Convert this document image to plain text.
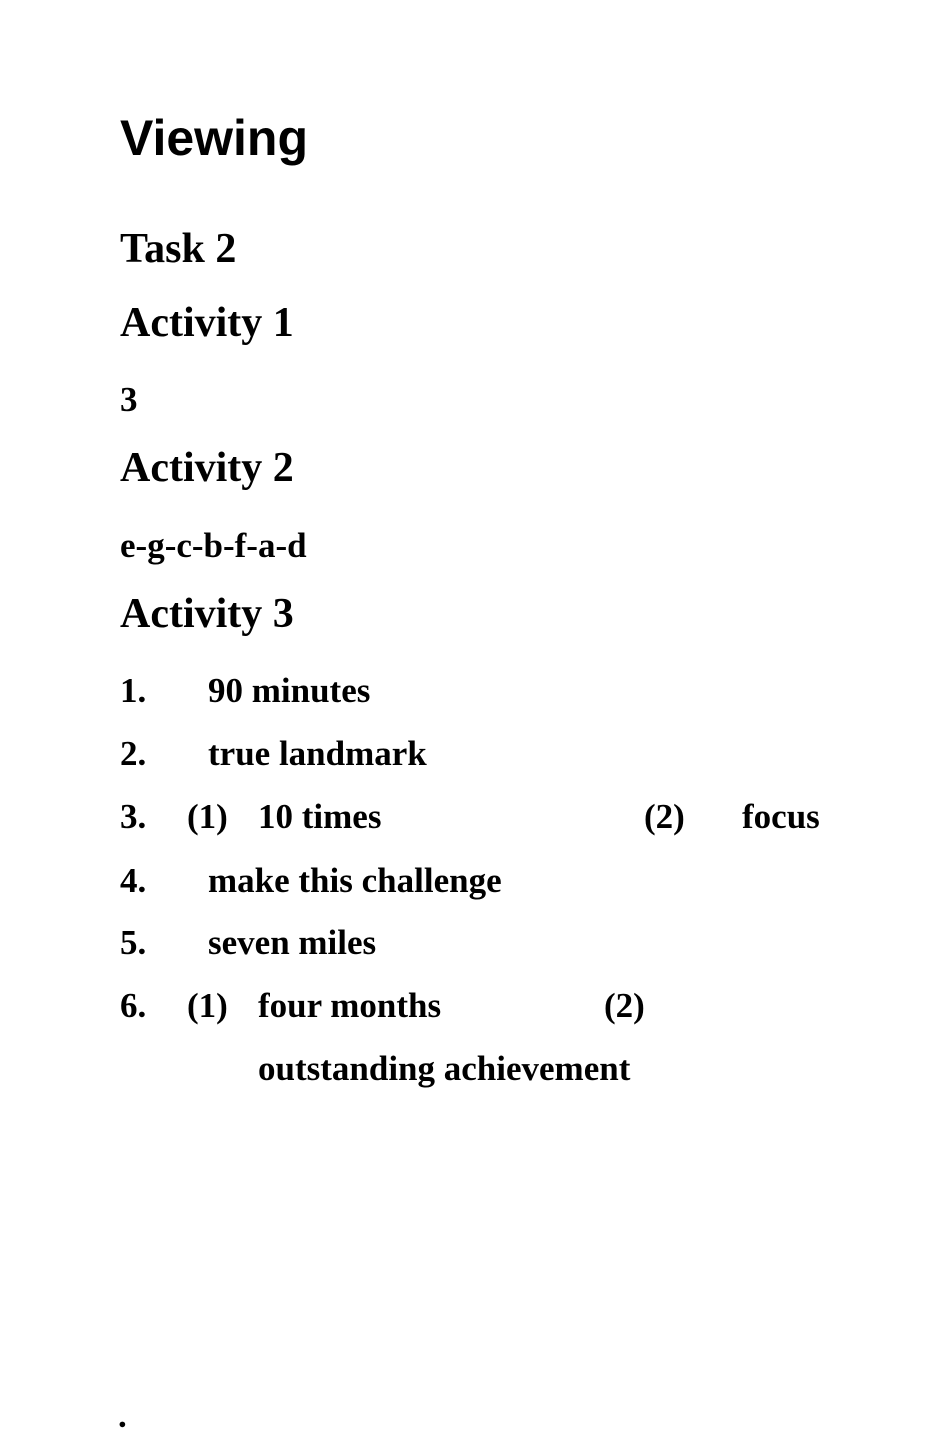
Viewing
Task 2
Activity 1
3
Activity 2
e-g-c-b-f-a-d
Activity 3
1. 90 minutes
2. true landmark
3. (1) 10 times	(2) focus
4. make this challenge
5. seven miles
6. (1) four months	(2)
outstanding achievement
.
